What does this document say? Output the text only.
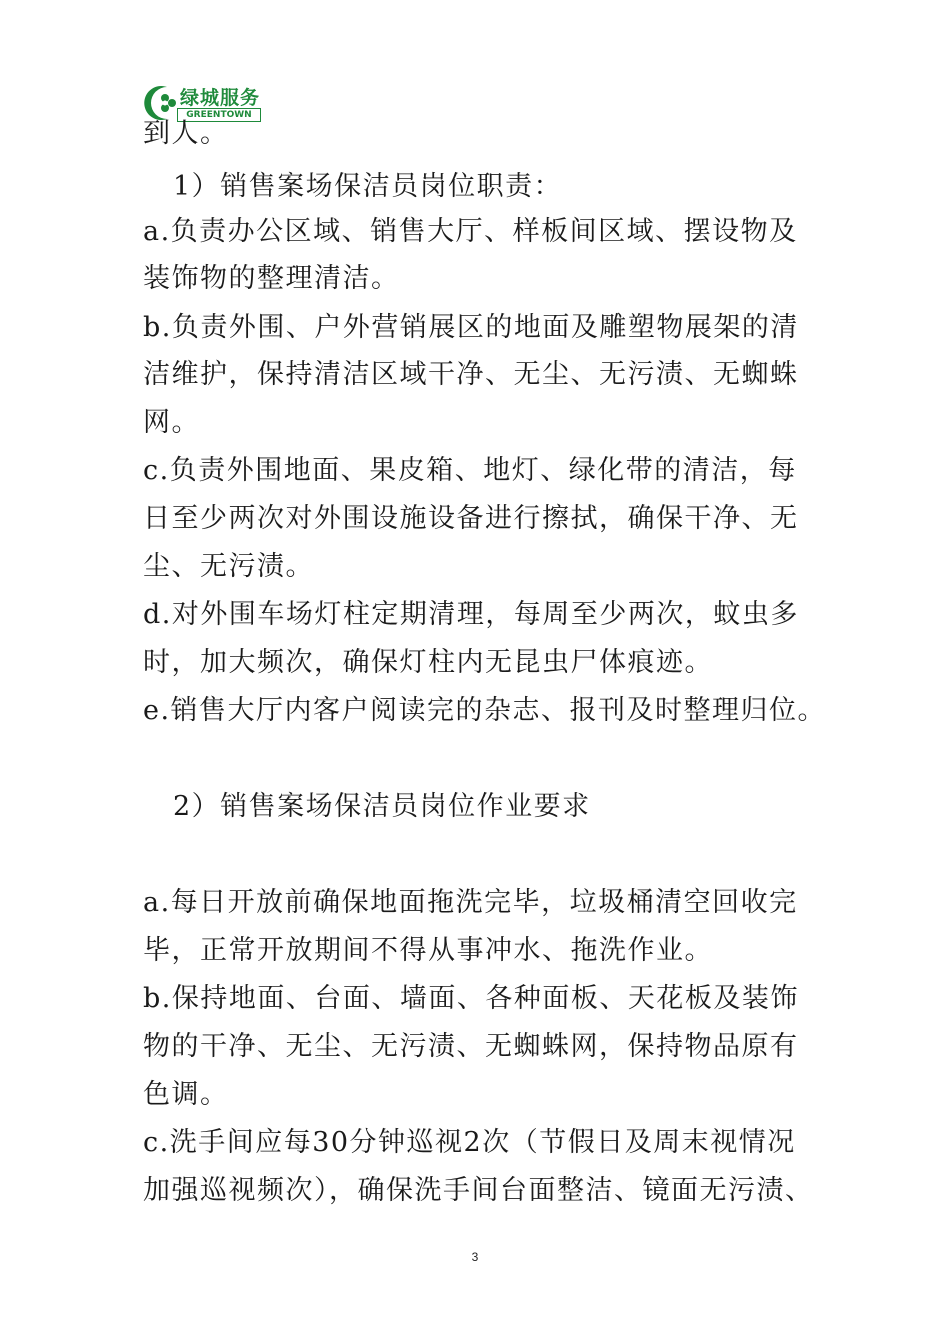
绿城服务
GREENTOWN
到人。
1）销售案场保洁员岗位职责：
a.负责办公区域、销售大厅、样板间区域、摆设物及
装饰物的整理清洁。
b.负责外围、户外营销展区的地面及雕塑物展架的清
洁维护，保持清洁区域干净、无尘、无污渍、无蜘蛛
网。
c.负责外围地面、果皮箱、地灯、绿化带的清洁，每
日至少两次对外围设施设备进行擦拭，确保干净、无
尘、无污渍。
d.对外围车场灯柱定期清理，每周至少两次，蚊虫多
时，加大频次，确保灯柱内无昆虫尸体痕迹。
e.销售大厅内客户阅读完的杂志、报刊及时整理归位。
2）销售案场保洁员岗位作业要求
a.每日开放前确保地面拖洗完毕，垃圾桶清空回收完
毕，正常开放期间不得从事冲水、拖洗作业。
b.保持地面、台面、墙面、各种面板、天花板及装饰
物的干净、无尘、无污渍、无蜘蛛网，保持物品原有
色调。
c.洗手间应每30分钟巡视2次（节假日及周末视情况
加强巡视频次），确保洗手间台面整洁、镜面无污渍、
3
